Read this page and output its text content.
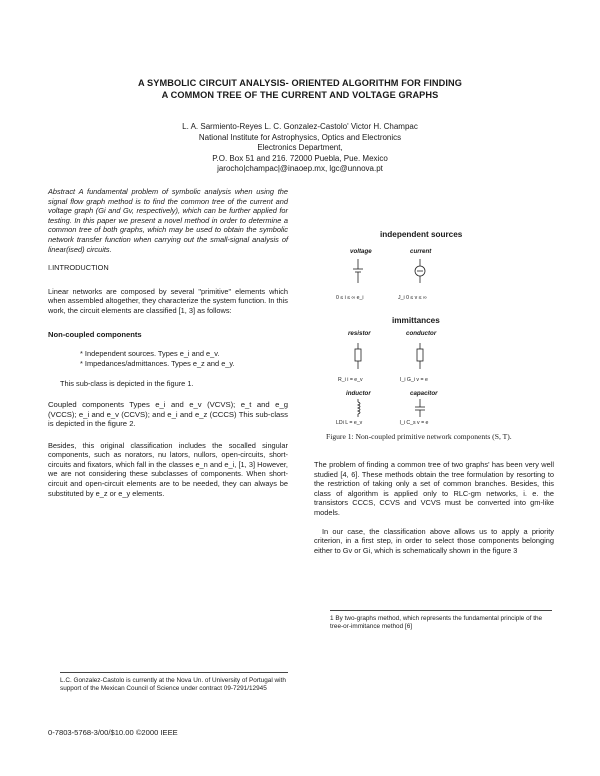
A SYMBOLIC CIRCUIT ANALYSIS- ORIENTED ALGORITHM FOR FINDING
A COMMON TREE OF THE CURRENT AND VOLTAGE GRAPHS
L. A. Sarmiento-Reyes L. C. Gonzalez-Castolo' Victor H. Champac
National Institute for Astrophysics, Optics and Electronics
Electronics Department,
P.O. Box 51 and 216. 72000 Puebla, Pue. Mexico
jarocho|champac|@inaoep.mx, lgc@unnova.pt

Abstract A fundamental problem of symbolic analysis when using the signal flow graph method is to find the common tree of the current and voltage graph (Gi and Gv, respectively), which can be further applied for testing. In this paper we present a novel method in order to determine a common tree of both graphs, which may be used to obtain the symbolic network transfer function when carrying out the small-signal analysis of linear(ised) circuits.

I.INTRODUCTION

Linear networks are composed by several "primitive" elements which when assembled altogether, they characterize the system function. In this work, the circuit elements are classified [1, 3] as follows:

Non-coupled components

* Independent sources. Types e_i and e_v.

* Impedances/admittances. Types e_z and e_y.

This sub-class is depicted in the figure 1.

Coupled components Types e_i and e_v (VCVS); e_t and e_g (VCCS); e_i and e_v (CCVS); and e_i and e_z (CCCS) This sub-class is depicted in the figure 2.

Besides, this original classification includes the socalled singular components, such as norators, nu lators, nullors, open-circuits, short-circuits and fixators, which fall in the classes e_n and e_i, [1, 3] However, we are not considering these subclasses of components. When short-circuit and open-circuit elements are to be needed, they can always be substituted by e_z or e_y elements.

L.C. Gonzalez-Castolo is currently at the Nova Un. of University of Portugal with support of the Mexican Council of Science under contract 09-7291/12945
0-7803-5768-3/00/$10.00 ©2000 IEEE
independent sources
voltage	current
0 ≤ i ≤ ∞ e_i	J_i 0 ≤ v ≤ ∞
immittances
resistor	conductor
R_i i = e_v	I_i G_i v = e
inductor	capacitor
LDi L = e_v	I_i C_s v = e
Figure 1: Non-coupled primitive network components (S, T).

The problem of finding a common tree of two graphs' has been very well studied [4, 6]. These methods obtain the tree formulation by resorting to the restriction of taking only a set of common branches. Besides, this class of algorithm is applied only to RLC-gm networks, i. e. the transistors CCCS, CCVS and VCVS must be converted into gm-like models.

In our case, the classification above allows us to apply a priority criterion, in a first step, in order to select those components belonging either to Gv or Gi, which is schematically shown in the figure 3

1 By two-graphs method, which represents the fundamental principle of the tree-or-immitance method [6]
